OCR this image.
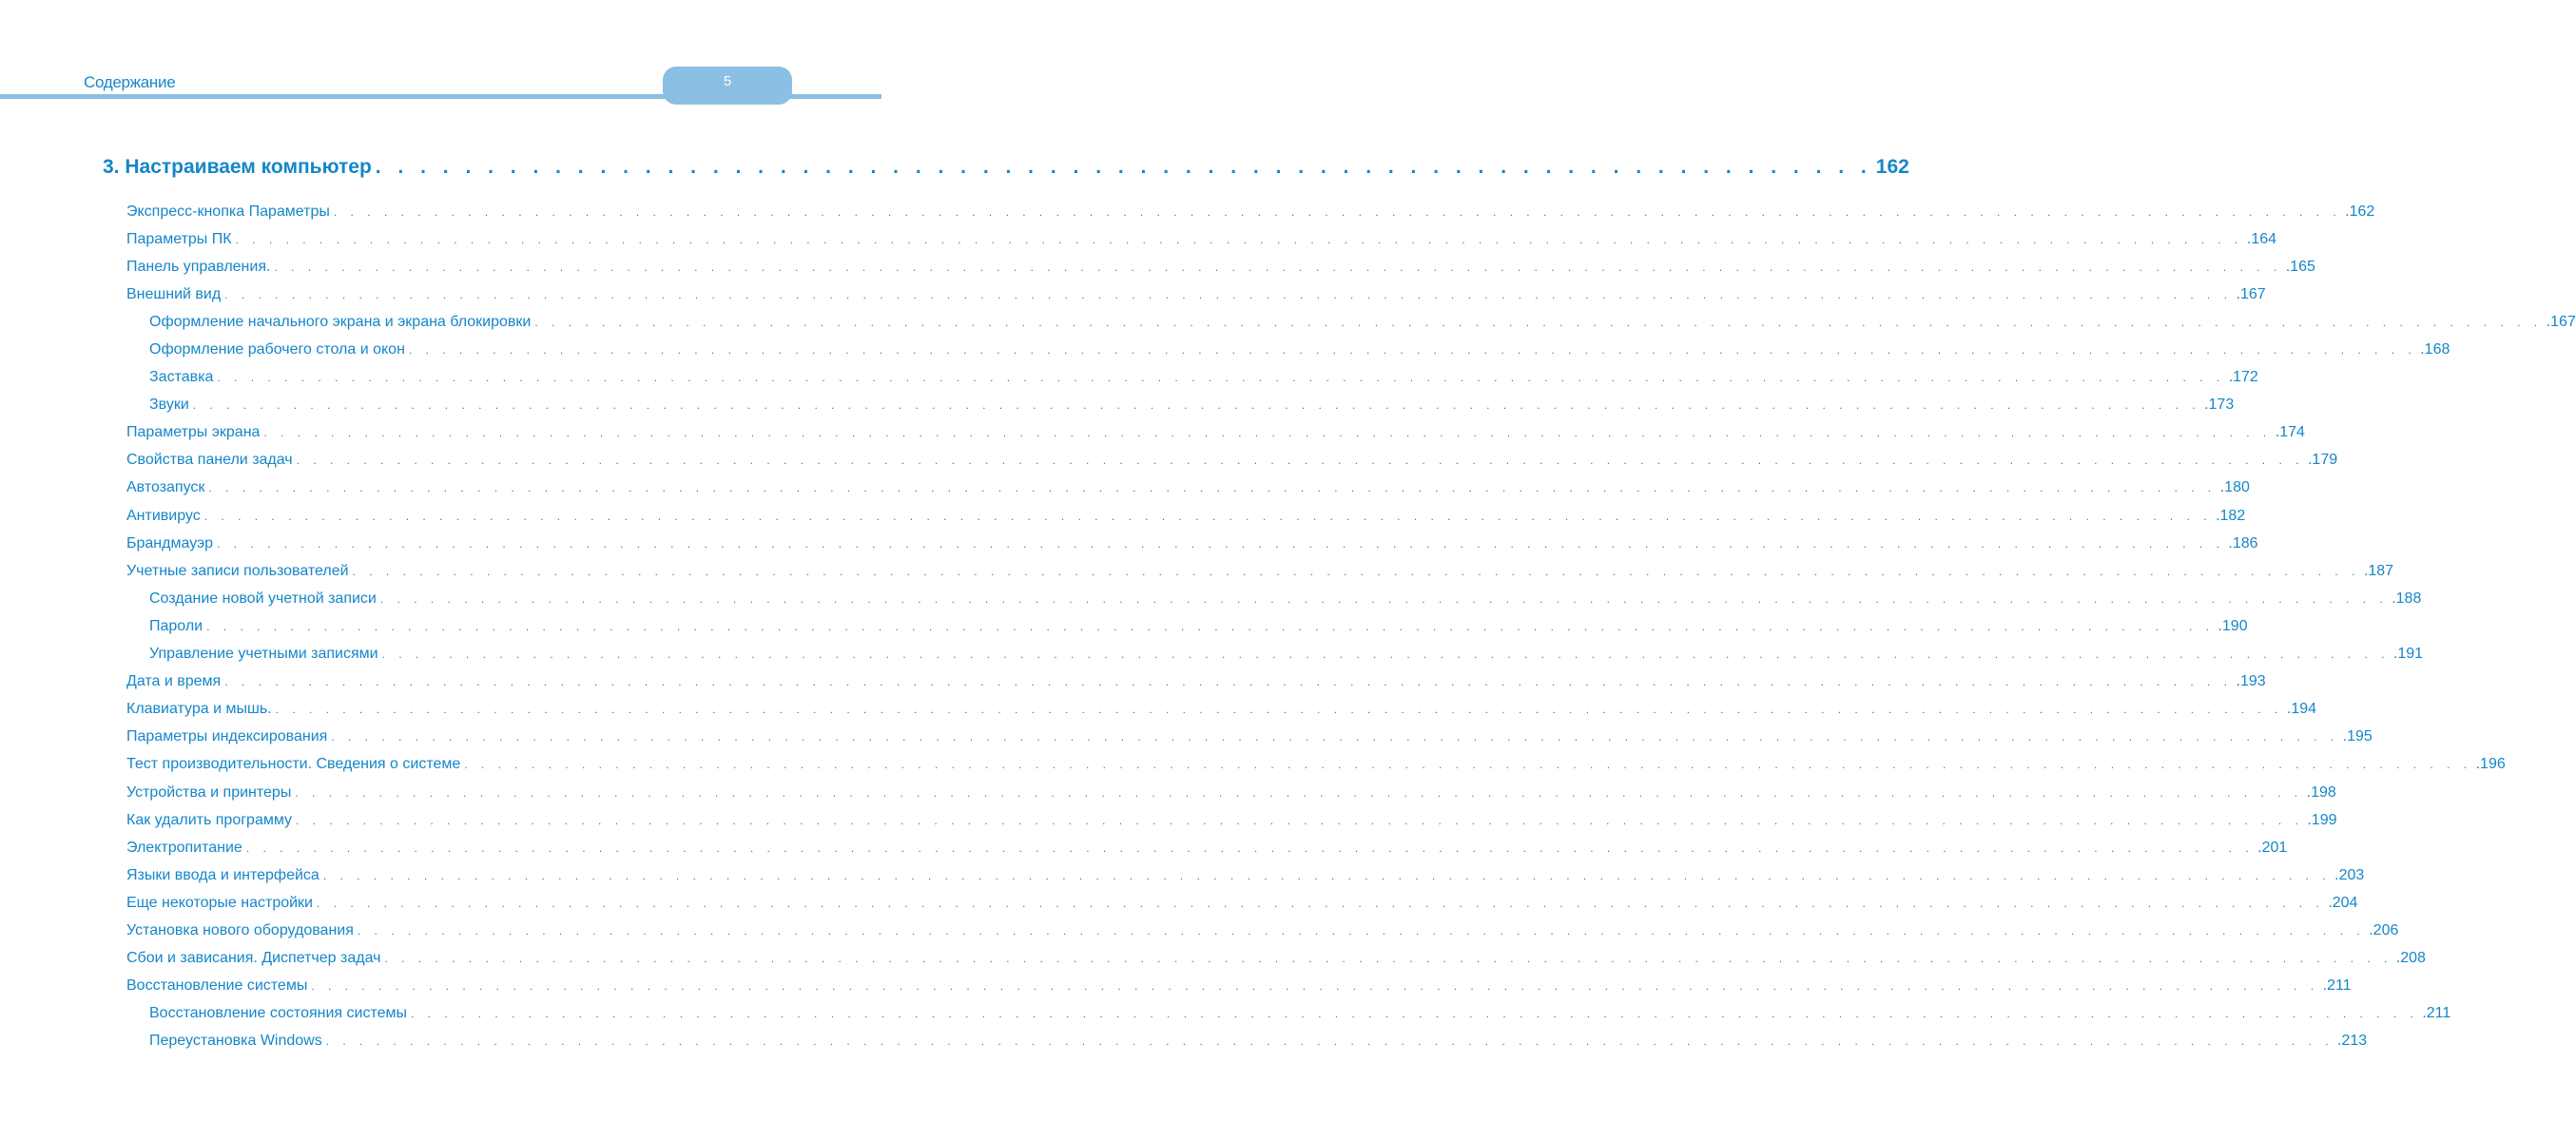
Содержание	5
3. Настраиваем компьютер . . . . . . . . . . . . . . . . . . . . . . . . . . . . . . . . . . . . . . . . . . . . . . . . . . . . . . . . . . . . . . . . . . . 162
Экспресс-кнопка Параметры . . . . . . . . . . . . . . . . . . . . . . . . . . . . . . . . . . . . . . . . . . . . . . . . . . . . . . . . . . . . . . . . . . . . . . . . . . . . . . . . . . . . . . . . . . . . . . . . . . . . . . . . . . . . . . . . . . . . . . . . .162
Параметры ПК . . . . . . . . . . . . . . . . . . . . . . . . . . . . . . . . . . . . . . . . . . . . . . . . . . . . . . . . . . . . . . . . . . . . . . . . . . . . . . . . . . . . . . . . . . . . . . . . . . . . . . . . . . . . . . . . . . . . . . . . .164
Панель управления. . . . . . . . . . . . . . . . . . . . . . . . . . . . . . . . . . . . . . . . . . . . . . . . . . . . . . . . . . . . . . . . . . . . . . . . . . . . . . . . . . . . . . . . . . . . . . . . . . . . . . . . . . . . . . . . . . . . . . . . . .165
Внешний вид . . . . . . . . . . . . . . . . . . . . . . . . . . . . . . . . . . . . . . . . . . . . . . . . . . . . . . . . . . . . . . . . . . . . . . . . . . . . . . . . . . . . . . . . . . . . . . . . . . . . . . . . . . . . . . . . . . . . . . . . .167
Оформление начального экрана и экрана блокировки . . . . . . . . . . . . . . . . . . . . . . . . . . . . . . . . . . . . . . . . . . . . . . . . . . . . . . . . . . . . . . . . . . . . . . . . . . . . . . . . . . . . . . . . . . . . . . . . . . . . . . . . . . . . . . . . . . . . . . . . .167
Оформление рабочего стола и окон . . . . . . . . . . . . . . . . . . . . . . . . . . . . . . . . . . . . . . . . . . . . . . . . . . . . . . . . . . . . . . . . . . . . . . . . . . . . . . . . . . . . . . . . . . . . . . . . . . . . . . . . . . . . . . . . . . . . . . . . .168
Заставка . . . . . . . . . . . . . . . . . . . . . . . . . . . . . . . . . . . . . . . . . . . . . . . . . . . . . . . . . . . . . . . . . . . . . . . . . . . . . . . . . . . . . . . . . . . . . . . . . . . . . . . . . . . . . . . . . . . . . . . . .172
Звуки . . . . . . . . . . . . . . . . . . . . . . . . . . . . . . . . . . . . . . . . . . . . . . . . . . . . . . . . . . . . . . . . . . . . . . . . . . . . . . . . . . . . . . . . . . . . . . . . . . . . . . . . . . . . . . . . . . . . . . . . .173
Параметры экрана . . . . . . . . . . . . . . . . . . . . . . . . . . . . . . . . . . . . . . . . . . . . . . . . . . . . . . . . . . . . . . . . . . . . . . . . . . . . . . . . . . . . . . . . . . . . . . . . . . . . . . . . . . . . . . . . . . . . . . . . .174
Свойства панели задач . . . . . . . . . . . . . . . . . . . . . . . . . . . . . . . . . . . . . . . . . . . . . . . . . . . . . . . . . . . . . . . . . . . . . . . . . . . . . . . . . . . . . . . . . . . . . . . . . . . . . . . . . . . . . . . . . . . . . . . . .179
Автозапуск . . . . . . . . . . . . . . . . . . . . . . . . . . . . . . . . . . . . . . . . . . . . . . . . . . . . . . . . . . . . . . . . . . . . . . . . . . . . . . . . . . . . . . . . . . . . . . . . . . . . . . . . . . . . . . . . . . . . . . . . .180
Антивирус . . . . . . . . . . . . . . . . . . . . . . . . . . . . . . . . . . . . . . . . . . . . . . . . . . . . . . . . . . . . . . . . . . . . . . . . . . . . . . . . . . . . . . . . . . . . . . . . . . . . . . . . . . . . . . . . . . . . . . . . .182
Брандмауэр . . . . . . . . . . . . . . . . . . . . . . . . . . . . . . . . . . . . . . . . . . . . . . . . . . . . . . . . . . . . . . . . . . . . . . . . . . . . . . . . . . . . . . . . . . . . . . . . . . . . . . . . . . . . . . . . . . . . . . . . .186
Учетные записи пользователей . . . . . . . . . . . . . . . . . . . . . . . . . . . . . . . . . . . . . . . . . . . . . . . . . . . . . . . . . . . . . . . . . . . . . . . . . . . . . . . . . . . . . . . . . . . . . . . . . . . . . . . . . . . . . . . . . . . . . . . . .187
Создание новой учетной записи . . . . . . . . . . . . . . . . . . . . . . . . . . . . . . . . . . . . . . . . . . . . . . . . . . . . . . . . . . . . . . . . . . . . . . . . . . . . . . . . . . . . . . . . . . . . . . . . . . . . . . . . . . . . . . . . . . . . . . . . .188
Пароли . . . . . . . . . . . . . . . . . . . . . . . . . . . . . . . . . . . . . . . . . . . . . . . . . . . . . . . . . . . . . . . . . . . . . . . . . . . . . . . . . . . . . . . . . . . . . . . . . . . . . . . . . . . . . . . . . . . . . . . . .190
Управление учетными записями . . . . . . . . . . . . . . . . . . . . . . . . . . . . . . . . . . . . . . . . . . . . . . . . . . . . . . . . . . . . . . . . . . . . . . . . . . . . . . . . . . . . . . . . . . . . . . . . . . . . . . . . . . . . . . . . . . . . . . . . .191
Дата и время . . . . . . . . . . . . . . . . . . . . . . . . . . . . . . . . . . . . . . . . . . . . . . . . . . . . . . . . . . . . . . . . . . . . . . . . . . . . . . . . . . . . . . . . . . . . . . . . . . . . . . . . . . . . . . . . . . . . . . . . .193
Клавиатура и мышь. . . . . . . . . . . . . . . . . . . . . . . . . . . . . . . . . . . . . . . . . . . . . . . . . . . . . . . . . . . . . . . . . . . . . . . . . . . . . . . . . . . . . . . . . . . . . . . . . . . . . . . . . . . . . . . . . . . . . . . . . .194
Параметры индексирования . . . . . . . . . . . . . . . . . . . . . . . . . . . . . . . . . . . . . . . . . . . . . . . . . . . . . . . . . . . . . . . . . . . . . . . . . . . . . . . . . . . . . . . . . . . . . . . . . . . . . . . . . . . . . . . . . . . . . . . . .195
Тест производительности. Сведения о системе . . . . . . . . . . . . . . . . . . . . . . . . . . . . . . . . . . . . . . . . . . . . . . . . . . . . . . . . . . . . . . . . . . . . . . . . . . . . . . . . . . . . . . . . . . . . . . . . . . . . . . . . . . . . . . . . . . . . . . . . .196
Устройства и принтеры . . . . . . . . . . . . . . . . . . . . . . . . . . . . . . . . . . . . . . . . . . . . . . . . . . . . . . . . . . . . . . . . . . . . . . . . . . . . . . . . . . . . . . . . . . . . . . . . . . . . . . . . . . . . . . . . . . . . . . . . .198
Как удалить программу . . . . . . . . . . . . . . . . . . . . . . . . . . . . . . . . . . . . . . . . . . . . . . . . . . . . . . . . . . . . . . . . . . . . . . . . . . . . . . . . . . . . . . . . . . . . . . . . . . . . . . . . . . . . . . . . . . . . . . . . .199
Электропитание . . . . . . . . . . . . . . . . . . . . . . . . . . . . . . . . . . . . . . . . . . . . . . . . . . . . . . . . . . . . . . . . . . . . . . . . . . . . . . . . . . . . . . . . . . . . . . . . . . . . . . . . . . . . . . . . . . . . . . . . .201
Языки ввода и интерфейса . . . . . . . . . . . . . . . . . . . . . . . . . . . . . . . . . . . . . . . . . . . . . . . . . . . . . . . . . . . . . . . . . . . . . . . . . . . . . . . . . . . . . . . . . . . . . . . . . . . . . . . . . . . . . . . . . . . . . . . . .203
Еще некоторые настройки . . . . . . . . . . . . . . . . . . . . . . . . . . . . . . . . . . . . . . . . . . . . . . . . . . . . . . . . . . . . . . . . . . . . . . . . . . . . . . . . . . . . . . . . . . . . . . . . . . . . . . . . . . . . . . . . . . . . . . . . .204
Установка нового оборудования . . . . . . . . . . . . . . . . . . . . . . . . . . . . . . . . . . . . . . . . . . . . . . . . . . . . . . . . . . . . . . . . . . . . . . . . . . . . . . . . . . . . . . . . . . . . . . . . . . . . . . . . . . . . . . . . . . . . . . . . .206
Сбои и зависания. Диспетчер задач . . . . . . . . . . . . . . . . . . . . . . . . . . . . . . . . . . . . . . . . . . . . . . . . . . . . . . . . . . . . . . . . . . . . . . . . . . . . . . . . . . . . . . . . . . . . . . . . . . . . . . . . . . . . . . . . . . . . . . . . .208
Восстановление системы . . . . . . . . . . . . . . . . . . . . . . . . . . . . . . . . . . . . . . . . . . . . . . . . . . . . . . . . . . . . . . . . . . . . . . . . . . . . . . . . . . . . . . . . . . . . . . . . . . . . . . . . . . . . . . . . . . . . . . . . .211
Восстановление состояния системы . . . . . . . . . . . . . . . . . . . . . . . . . . . . . . . . . . . . . . . . . . . . . . . . . . . . . . . . . . . . . . . . . . . . . . . . . . . . . . . . . . . . . . . . . . . . . . . . . . . . . . . . . . . . . . . . . . . . . . . . .211
Переустановка Windows . . . . . . . . . . . . . . . . . . . . . . . . . . . . . . . . . . . . . . . . . . . . . . . . . . . . . . . . . . . . . . . . . . . . . . . . . . . . . . . . . . . . . . . . . . . . . . . . . . . . . . . . . . . . . . . . . . . . . . . . .213
